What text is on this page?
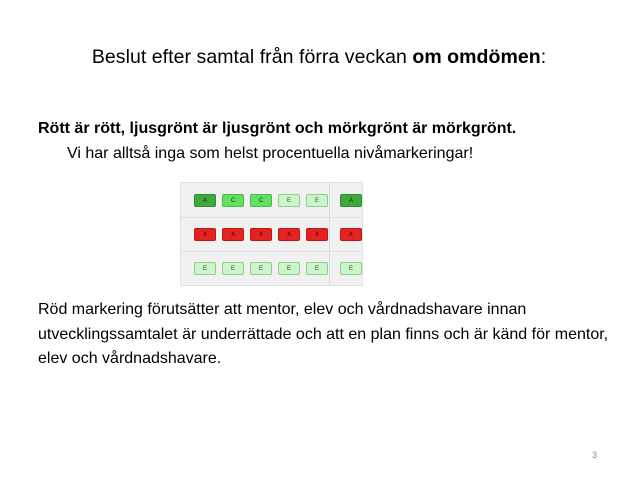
Beslut efter samtal från förra veckan om omdömen:
Rött är rött, ljusgrönt är ljusgrönt och mörkgrönt är mörkgrönt.
Vi har alltså inga som helst procentuella nivåmarkeringar!
A	C	C	E	E	A
X	X	X	X	X	X
E	E	E	E	E	E
Röd markering förutsätter att mentor, elev och vårdnadshavare innan utvecklingssamtalet är underrättade och att en plan finns och är känd för mentor, elev och vårdnadshavare.
3
